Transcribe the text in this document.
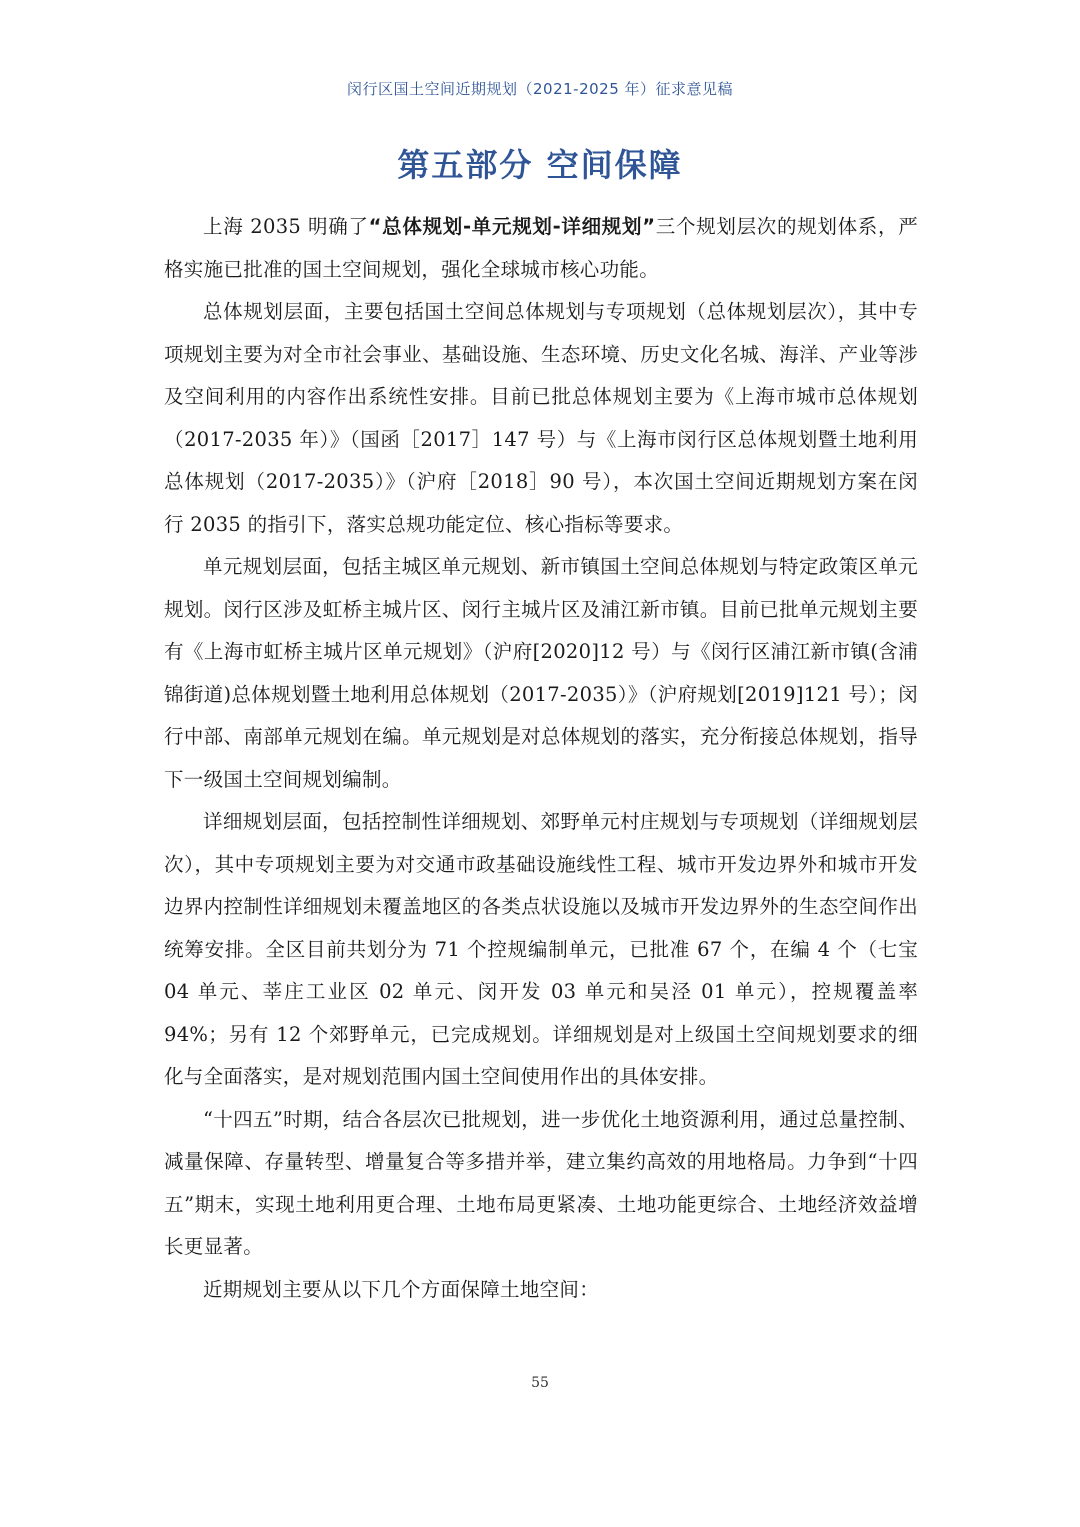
闵行区国土空间近期规划（2021-2025 年）征求意见稿
第五部分 空间保障

上海 2035 明确了“总体规划-单元规划-详细规划”三个规划层次的规划体系，严格实施已批准的国土空间规划，强化全球城市核心功能。

总体规划层面，主要包括国土空间总体规划与专项规划（总体规划层次），其中专项规划主要为对全市社会事业、基础设施、生态环境、历史文化名城、海洋、产业等涉及空间利用的内容作出系统性安排。目前已批总体规划主要为《上海市城市总体规划（2017-2035 年）》（国函［2017］147 号）与《上海市闵行区总体规划暨土地利用总体规划（2017-2035）》（沪府［2018］90 号），本次国土空间近期规划方案在闵行 2035 的指引下，落实总规功能定位、核心指标等要求。

单元规划层面，包括主城区单元规划、新市镇国土空间总体规划与特定政策区单元规划。闵行区涉及虹桥主城片区、闵行主城片区及浦江新市镇。目前已批单元规划主要有《上海市虹桥主城片区单元规划》（沪府[2020]12 号）与《闵行区浦江新市镇(含浦锦街道)总体规划暨土地利用总体规划（2017-2035）》（沪府规划[2019]121 号）；闵行中部、南部单元规划在编。单元规划是对总体规划的落实，充分衔接总体规划，指导下一级国土空间规划编制。

详细规划层面，包括控制性详细规划、郊野单元村庄规划与专项规划（详细规划层次），其中专项规划主要为对交通市政基础设施线性工程、城市开发边界外和城市开发边界内控制性详细规划未覆盖地区的各类点状设施以及城市开发边界外的生态空间作出统筹安排。全区目前共划分为 71 个控规编制单元，已批准 67 个，在编 4 个（七宝 04 单元、莘庄工业区 02 单元、闵开发 03 单元和吴泾 01 单元），控规覆盖率 94%；另有 12 个郊野单元，已完成规划。详细规划是对上级国土空间规划要求的细化与全面落实，是对规划范围内国土空间使用作出的具体安排。

“十四五”时期，结合各层次已批规划，进一步优化土地资源利用，通过总量控制、减量保障、存量转型、增量复合等多措并举，建立集约高效的用地格局。力争到“十四五”期末，实现土地利用更合理、土地布局更紧凑、土地功能更综合、土地经济效益增长更显著。

近期规划主要从以下几个方面保障土地空间：

55
